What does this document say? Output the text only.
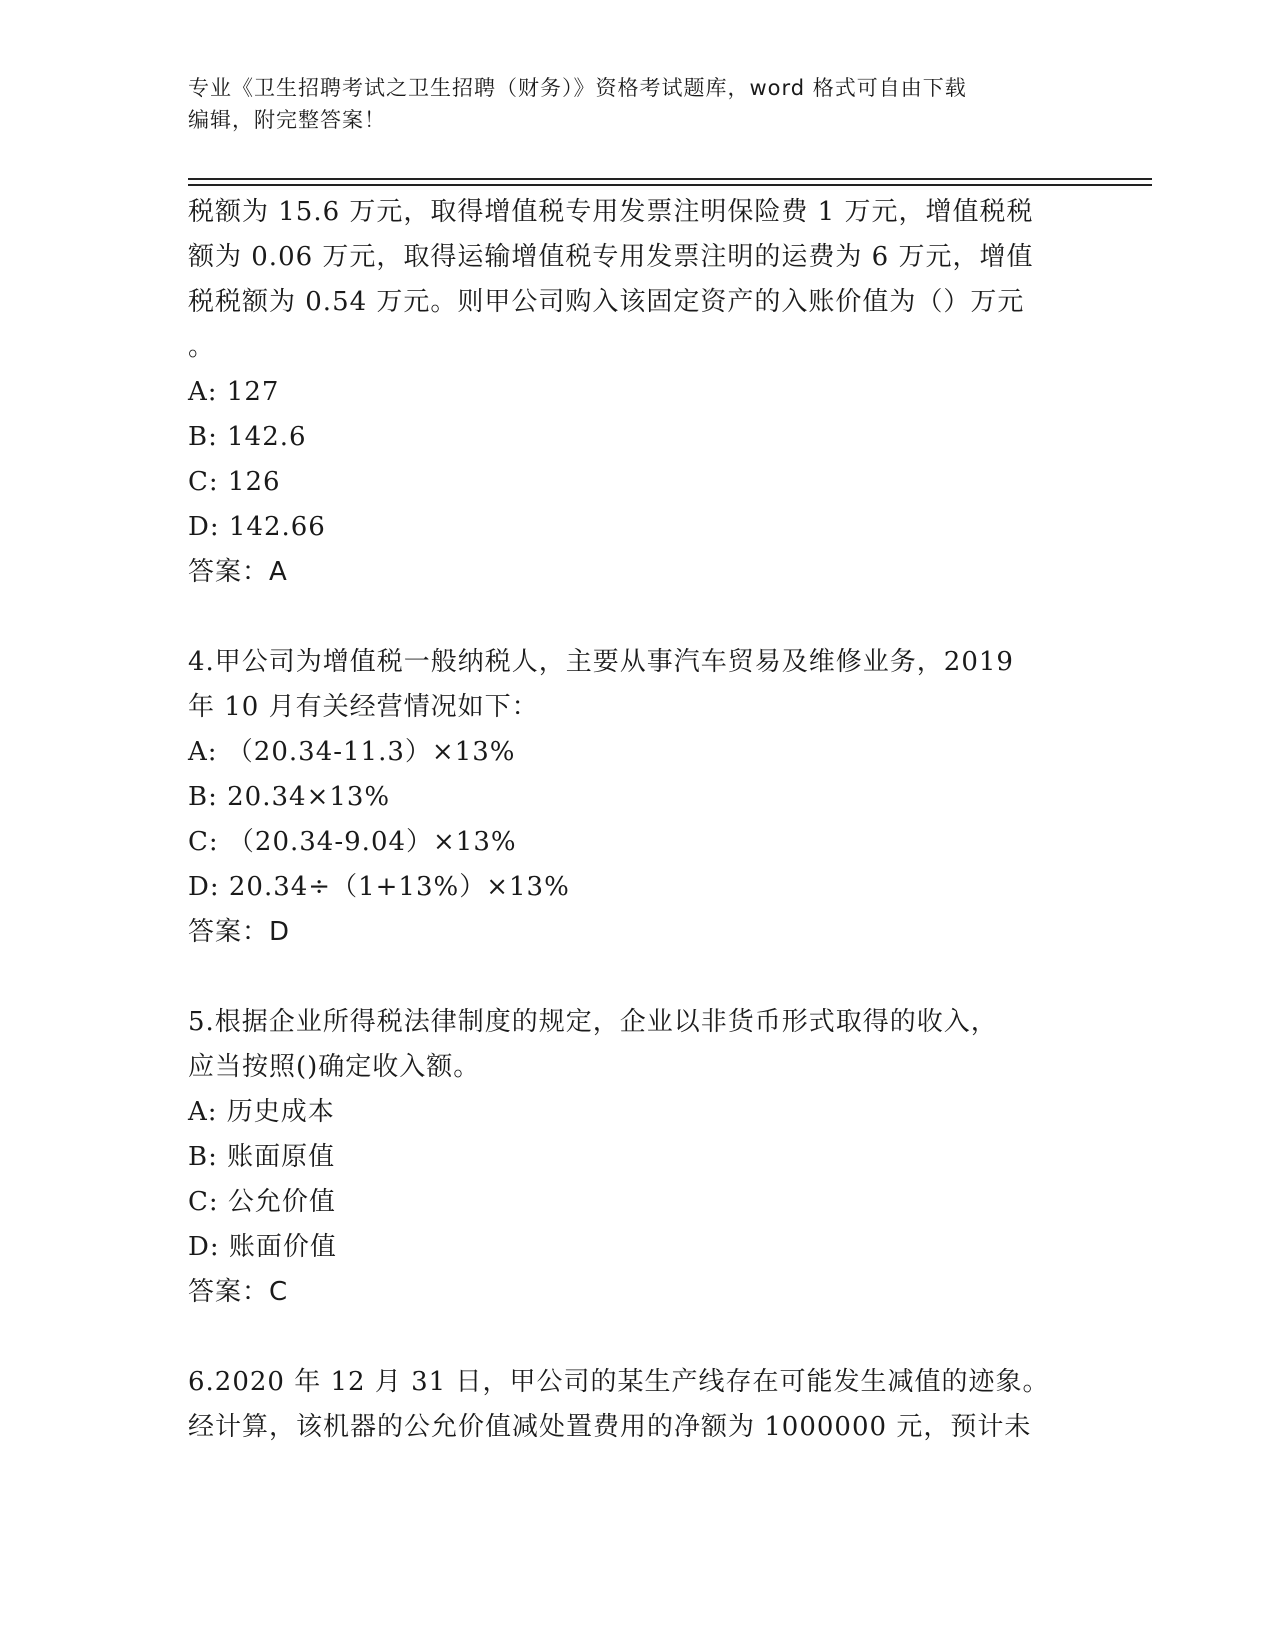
专业《卫生招聘考试之卫生招聘（财务）》资格考试题库，word 格式可自由下载
编辑，附完整答案！
税额为 15.6 万元，取得增值税专用发票注明保险费 1 万元，增值税税
额为 0.06 万元，取得运输增值税专用发票注明的运费为 6 万元，增值
税税额为 0.54 万元。则甲公司购入该固定资产的入账价值为（）万元
。
A: 127
B: 142.6
C: 126
D: 142.66
答案：A
4.甲公司为增值税一般纳税人，主要从事汽车贸易及维修业务，2019
年 10 月有关经营情况如下：
A: （20.34-11.3）×13%
B: 20.34×13%
C: （20.34-9.04）×13%
D: 20.34÷（1+13%）×13%
答案：D
5.根据企业所得税法律制度的规定，企业以非货币形式取得的收入，
应当按照()确定收入额。
A: 历史成本
B: 账面原值
C: 公允价值
D: 账面价值
答案：C
6.2020 年 12 月 31 日，甲公司的某生产线存在可能发生减值的迹象。
经计算，该机器的公允价值减处置费用的净额为 1000000 元，预计未
